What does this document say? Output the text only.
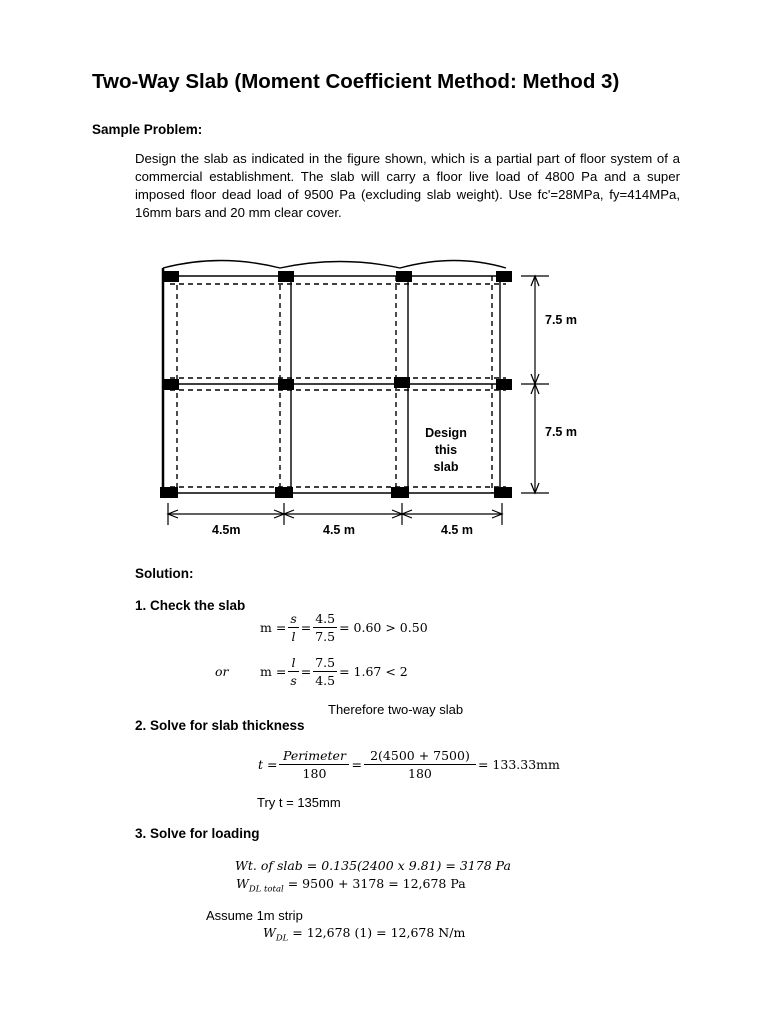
Two-Way Slab (Moment Coefficient Method: Method 3)
Sample Problem:
Design the slab as indicated in the figure shown, which is a partial part of floor system of a commercial establishment. The slab will carry a floor live load of 4800 Pa and a super imposed floor dead load of 9500 Pa (excluding slab weight). Use fc'=28MPa, fy=414MPa, 16mm bars and 20 mm clear cover.
7.5 m
7.5 m
Design
this
slab
4.5m	4.5 m	4.5 m
Solution:
1. Check the slab
$m = \frac{s}{l} = \frac{4.5}{7.5} = 0.60 > 0.50$
or	$m = \frac{l}{s} = \frac{7.5}{4.5} = 1.67 < 2$
Therefore two-way slab
2. Solve for slab thickness
$t = \frac{\text{Perimeter}}{180} = \frac{2(4500 + 7500)}{180} = 133.33mm$
Try t = 135mm
3. Solve for loading
Wt. of slab = 0.135(2400 x 9.81) = 3178 Pa
$W_{DL total} = 9500 + 3178 = 12,678$ Pa
Assume 1m strip
$W_{DL} = 12,678$ (1) = 12,678 N/m
